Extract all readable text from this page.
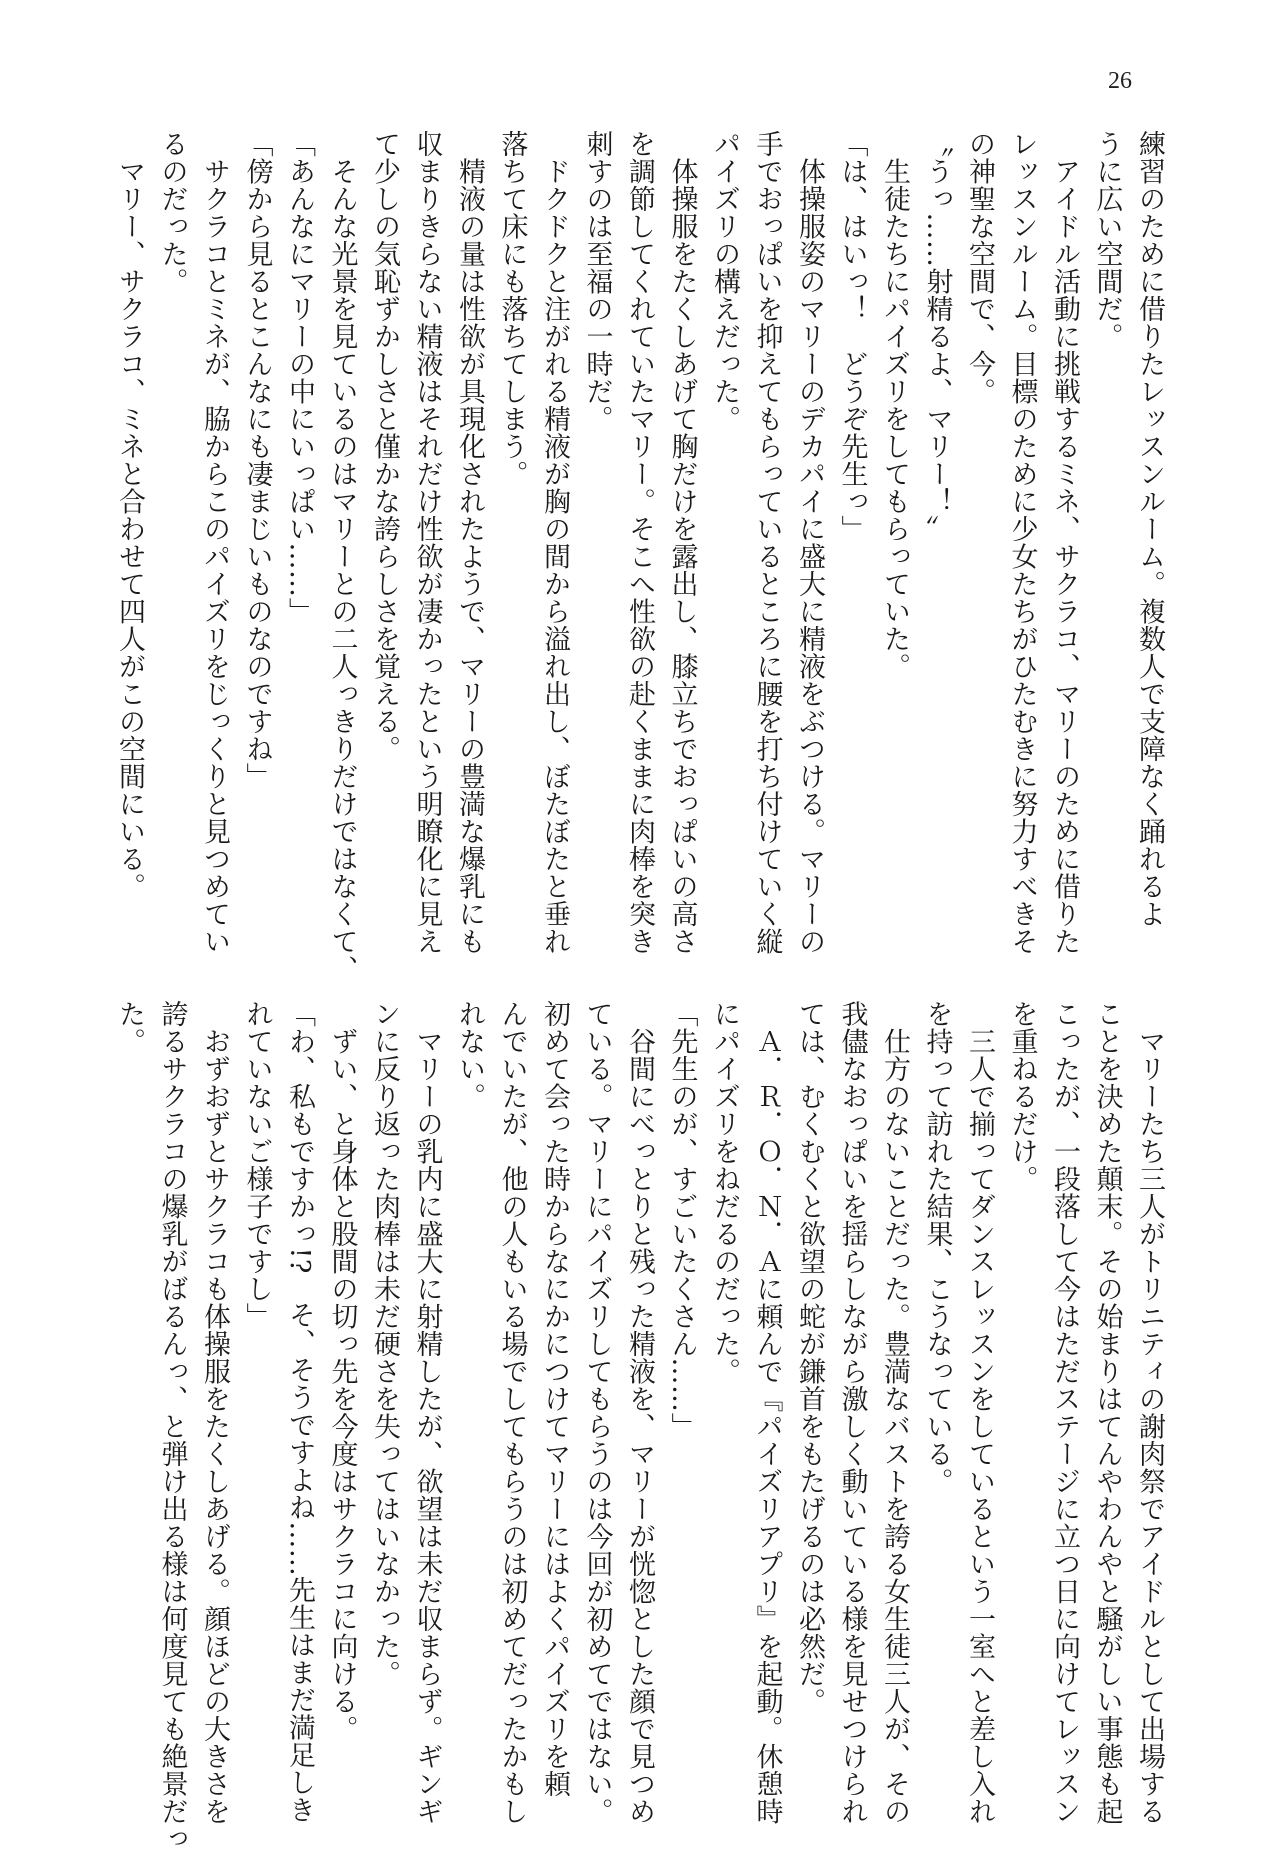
26

練習のために借りたレッスンルーム。複数人で支障なく踊れるよ

うに広い空間だ。

　アイドル活動に挑戦するミネ、サクラコ、マリーのために借りた

レッスンルーム。目標のために少女たちがひたむきに努力すべきそ

の神聖な空間で、今。

〝うっ……射精るよ、マリー！〟

　生徒たちにパイズリをしてもらっていた。

「は、はいっ！　どうぞ先生っ」

　体操服姿のマリーのデカパイに盛大に精液をぶつける。マリーの

手でおっぱいを抑えてもらっているところに腰を打ち付けていく縦

パイズリの構えだった。

　体操服をたくしあげて胸だけを露出し、膝立ちでおっぱいの高さ

を調節してくれていたマリー。そこへ性欲の赴くままに肉棒を突き

刺すのは至福の一時だ。

　ドクドクと注がれる精液が胸の間から溢れ出し、ぼたぼたと垂れ

落ちて床にも落ちてしまう。

　精液の量は性欲が具現化されたようで、マリーの豊満な爆乳にも

収まりきらない精液はそれだけ性欲が凄かったという明瞭化に見え

て少しの気恥ずかしさと僅かな誇らしさを覚える。

　そんな光景を見ているのはマリーとの二人っきりだけではなくて、

「あんなにマリーの中にいっぱい……」

「傍から見るとこんなにも凄まじいものなのですね」

　サクラコとミネが、脇からこのパイズリをじっくりと見つめてい

るのだった。

　マリー、サクラコ、ミネと合わせて四人がこの空間にいる。

　マリーたち三人がトリニティの謝肉祭でアイドルとして出場する

ことを決めた顛末。その始まりはてんやわんやと騒がしい事態も起

こったが、一段落して今はただステージに立つ日に向けてレッスン

を重ねるだけ。

　三人で揃ってダンスレッスンをしているという一室へと差し入れ

を持って訪れた結果、こうなっている。

　仕方のないことだった。豊満なバストを誇る女生徒三人が、その

我儘なおっぱいを揺らしながら激しく動いている様を見せつけられ

ては、むくむくと欲望の蛇が鎌首をもたげるのは必然だ。

　Ａ．Ｒ．Ｏ．Ｎ．Ａに頼んで『パイズリアプリ』を起動。休憩時

にパイズリをねだるのだった。

「先生のが、すごいたくさん……」

　谷間にべっとりと残った精液を、マリーが恍惚とした顔で見つめ

ている。マリーにパイズリしてもらうのは今回が初めてではない。

初めて会った時からなにかにつけてマリーにはよくパイズリを頼

んでいたが、他の人もいる場でしてもらうのは初めてだったかもし

れない。

　マリーの乳内に盛大に射精したが、欲望は未だ収まらず。ギンギ

ンに反り返った肉棒は未だ硬さを失ってはいなかった。

　ずい、と身体と股間の切っ先を今度はサクラコに向ける。

「わ、私もですかっ!?　そ、そうですよね……先生はまだ満足しき

れていないご様子ですし」

　おずおずとサクラコも体操服をたくしあげる。顔ほどの大きさを

誇るサクラコの爆乳がばるんっ、と弾け出る様は何度見ても絶景だっ

た。
